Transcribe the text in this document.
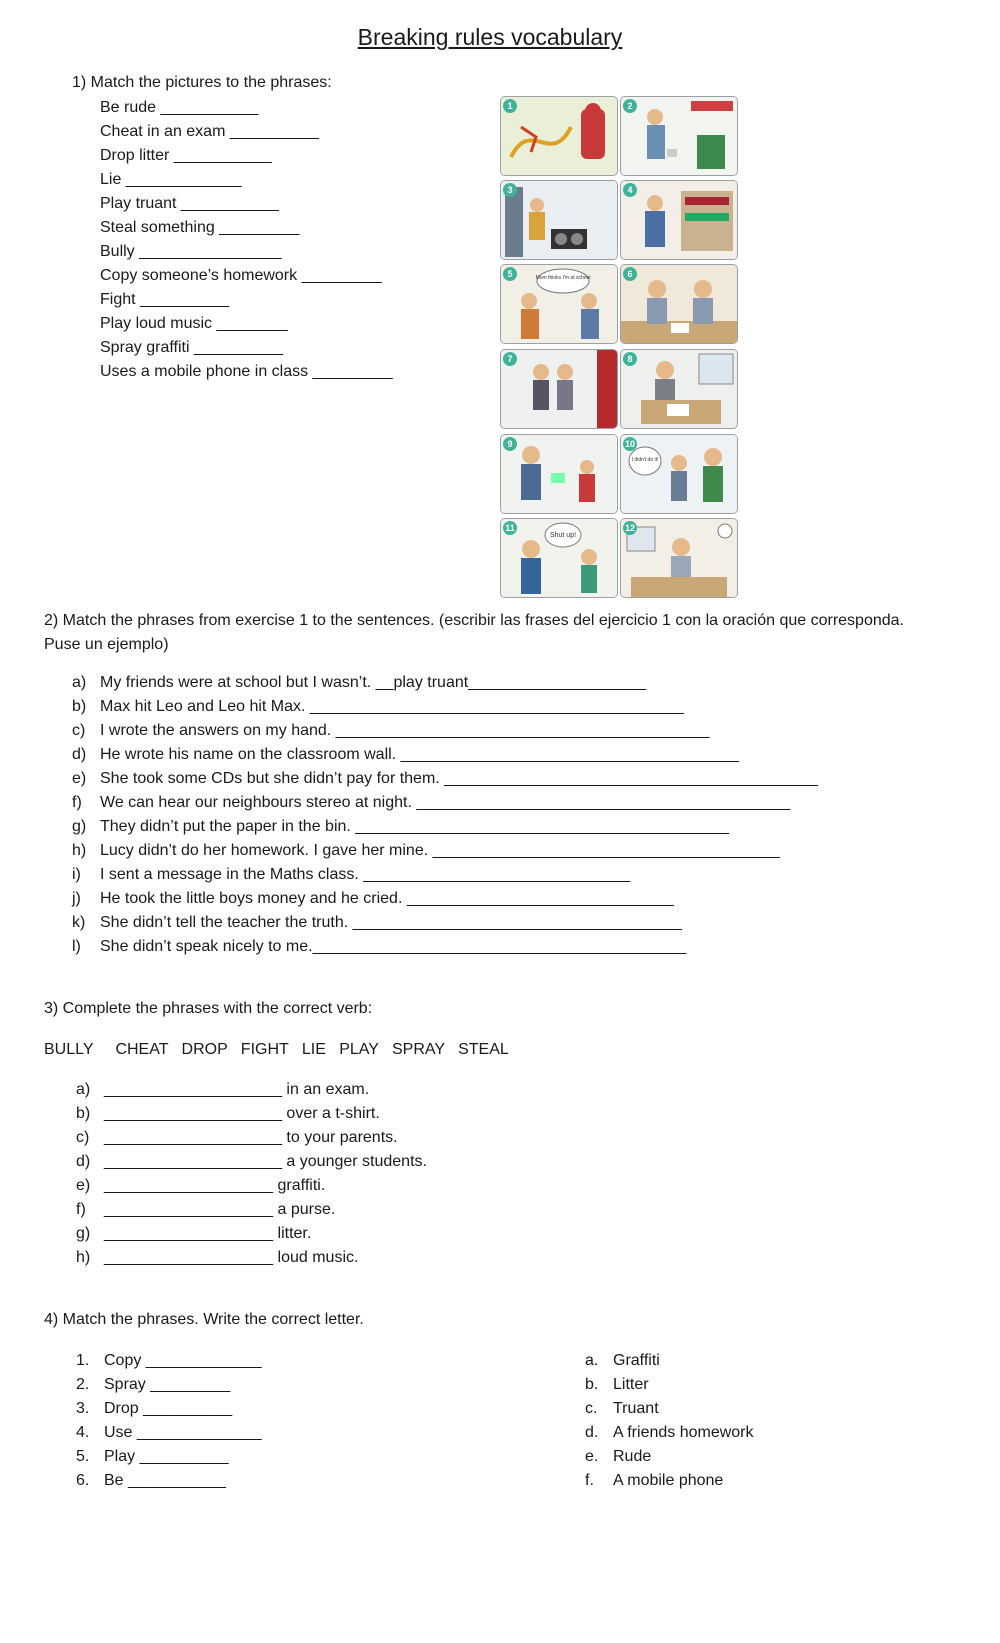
Breaking rules vocabulary
1) Match the pictures to the phrases:
Be rude ___________
Cheat in an exam __________
Drop litter ___________
Lie _____________
Play truant ___________
Steal something _________
Bully ________________
Copy someone’s homework _________
Fight __________
Play loud music ________
Spray graffiti __________
Uses a mobile phone in class _________
1	2
3	4
Mum thinks I'm at school
5	6
7	8
9
I didn't do it!
10
Shut up!
11	12
2) Match the phrases from exercise 1 to the sentences. (escribir las frases del ejercicio 1 con la oración que corresponda. Puse un ejemplo)
a) My friends were at school but I wasn’t. __play truant____________________
b) Max hit Leo and Leo hit Max. __________________________________________
c) I wrote the answers on my hand. __________________________________________
d) He wrote his name on the classroom wall. ______________________________________
e) She took some CDs but she didn’t pay for them. __________________________________________
f) We can hear our neighbours stereo at night. __________________________________________
g) They didn’t put the paper in the bin. __________________________________________
h) Lucy didn’t do her homework. I gave her mine. _______________________________________
i) I sent a message in the Maths class. ______________________________
j) He took the little boys money and he cried. ______________________________
k) She didn’t tell the teacher the truth. _____________________________________
l) She didn’t speak nicely to me.__________________________________________
3) Complete the phrases with the correct verb:
BULLY     CHEAT   DROP   FIGHT   LIE   PLAY   SPRAY   STEAL
a) ____________________ in an exam.
b) ____________________ over a t-shirt.
c) ____________________ to your parents.
d) ____________________ a younger students.
e) ___________________ graffiti.
f) ___________________ a purse.
g) ___________________ litter.
h) ___________________ loud music.
4) Match the phrases. Write the correct letter.
1. Copy _____________
2. Spray _________
3. Drop __________
4. Use ______________
5. Play __________
6. Be ___________
a. Graffiti
b. Litter
c. Truant
d. A friends homework
e. Rude
f. A mobile phone
